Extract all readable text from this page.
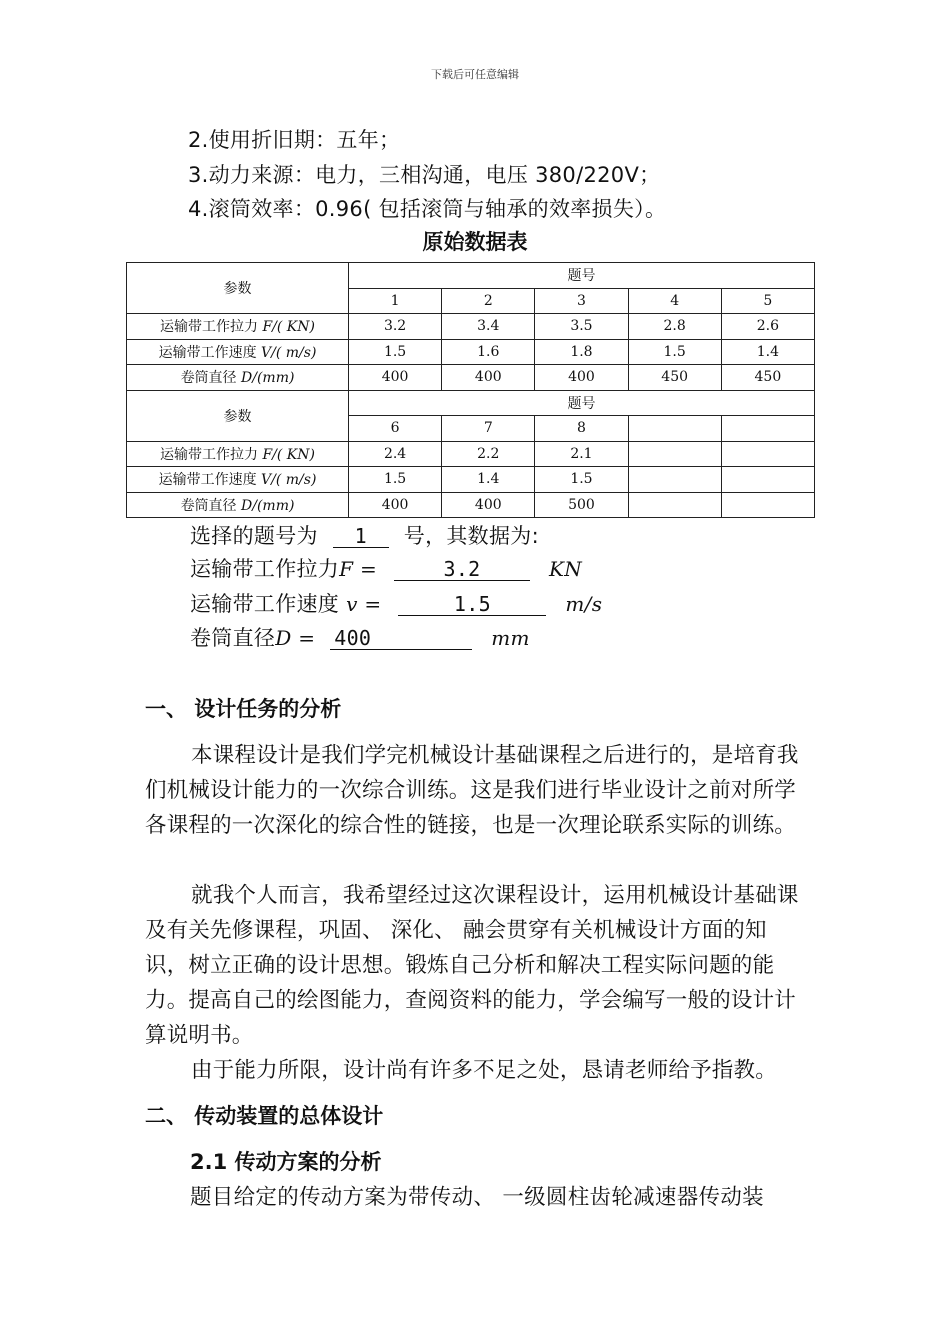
下载后可任意编辑
2.使用折旧期：五年；
3.动力来源：电力，三相沟通，电压 380/220V；
4.滚筒效率：0.96( 包括滚筒与轴承的效率损失）。
原始数据表
参数	题号				
	1	2	3	4	5
运输带工作拉力 F/( KN)	3.2	3.4	3.5	2.8	2.6
运输带工作速度 V/( m/s)	1.5	1.6	1.8	1.5	1.4
卷筒直径 D/(mm)	400	400	400	450	450
参数	题号				
	6	7	8		
运输带工作拉力 F/( KN)	2.4	2.2	2.1		
运输带工作速度 V/( m/s)	1.5	1.4	1.5		
卷筒直径 D/(mm)	400	400	500		
选择的题号为 1 号，其数据为:
运输带工作拉力F =	3.2	KN
运输带工作速度 v =	1.5	m/s
卷筒直径D = 400	mm
一、 设计任务的分析
本课程设计是我们学完机械设计基础课程之后进行的，是培育我们机械设计能力的一次综合训练。这是我们进行毕业设计之前对所学各课程的一次深化的综合性的链接，也是一次理论联系实际的训练。
就我个人而言，我希望经过这次课程设计，运用机械设计基础课及有关先修课程，巩固、 深化、 融会贯穿有关机械设计方面的知识，树立正确的设计思想。锻炼自己分析和解决工程实际问题的能力。提高自己的绘图能力，查阅资料的能力，学会编写一般的设计计算说明书。
由于能力所限，设计尚有许多不足之处，恳请老师给予指教。
二、 传动装置的总体设计
2.1 传动方案的分析
题目给定的传动方案为带传动、 一级圆柱齿轮减速器传动装
